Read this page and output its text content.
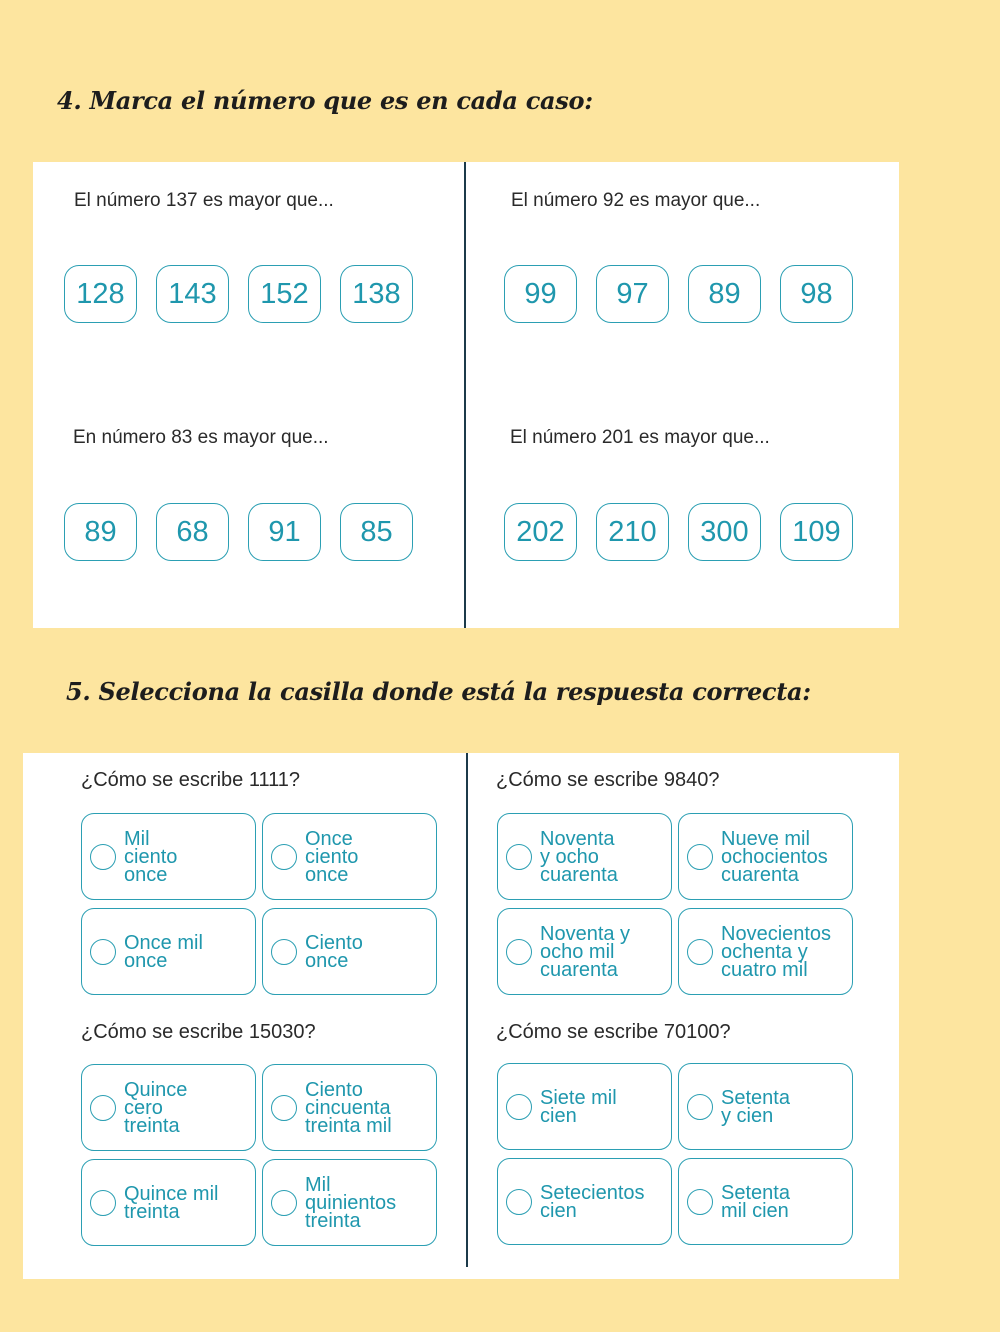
4. Marca el número que es en cada caso:

El número 137 es mayor que...

128	143	152	138

El número 92 es mayor que...

99	97	89	98

En número 83 es mayor que...

89	68	91	85

El número 201 es mayor que...

202	210	300	109
5. Selecciona la casilla donde está la respuesta correcta:

¿Cómo se escribe 1111?

Mil
ciento
once
Once
ciento
once
Once mil
once
Ciento
once

¿Cómo se escribe 9840?

Noventa
y ocho
cuarenta
Nueve mil
ochocientos
cuarenta
Noventa y
ocho mil
cuarenta
Novecientos
ochenta y
cuatro mil

¿Cómo se escribe 15030?

Quince
cero
treinta
Ciento
cincuenta
treinta mil
Quince mil
treinta
Mil
quinientos
treinta

¿Cómo se escribe 70100?

Siete mil
cien
Setenta
y cien
Setecientos
cien
Setenta
mil cien
